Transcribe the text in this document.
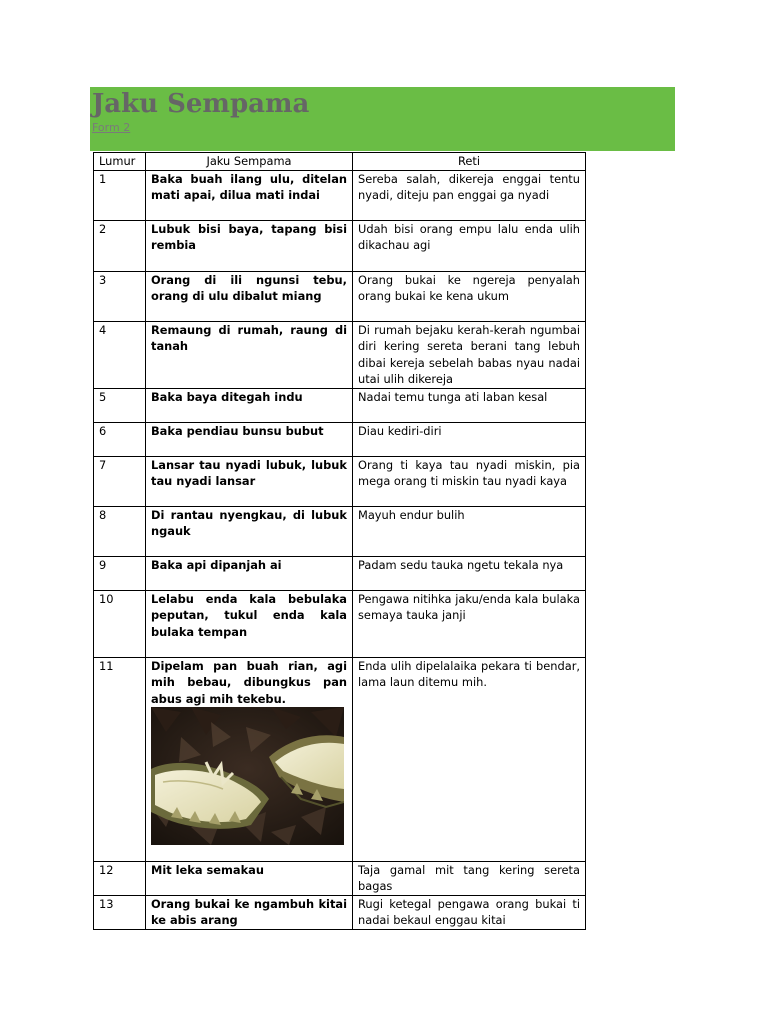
Jaku Sempama
Form 2
Lumur	Jaku Sempama	Reti
1	Baka buah ilang ulu, ditelan mati apai, dilua mati indai	Sereba salah, dikereja enggai tentu nyadi, diteju pan enggai ga nyadi
2	Lubuk bisi baya, tapang bisi rembia	Udah bisi orang empu lalu enda ulih dikachau agi
3	Orang di ili ngunsi tebu, orang di ulu dibalut miang	Orang bukai ke ngereja penyalah orang bukai ke kena ukum
4	Remaung di rumah, raung di tanah	Di rumah bejaku kerah-kerah ngumbai diri kering sereta berani tang lebuh dibai kereja sebelah babas nyau nadai utai ulih dikereja
5	Baka baya ditegah indu	Nadai temu tunga ati laban kesal
6	Baka pendiau bunsu bubut	Diau kediri-diri
7	Lansar tau nyadi lubuk, lubuk tau nyadi lansar	Orang ti kaya tau nyadi miskin, pia mega orang ti miskin tau nyadi kaya
8	Di rantau nyengkau, di lubuk ngauk	Mayuh endur bulih
9	Baka api dipanjah ai	Padam sedu tauka ngetu tekala nya
10	Lelabu enda kala bebulaka peputan, tukul enda kala bulaka tempan	Pengawa nitihka jaku/enda kala bulaka semaya tauka janji
11	Dipelam pan buah rian, agi mih bebau, dibungkus pan abus agi mih tekebu.	Enda ulih dipelalaika pekara ti bendar, lama laun ditemu mih.
12	Mit leka semakau	Taja gamal mit tang kering sereta bagas
13	Orang bukai ke ngambuh kitai ke abis arang	Rugi ketegal pengawa orang bukai ti nadai bekaul enggau kitai
